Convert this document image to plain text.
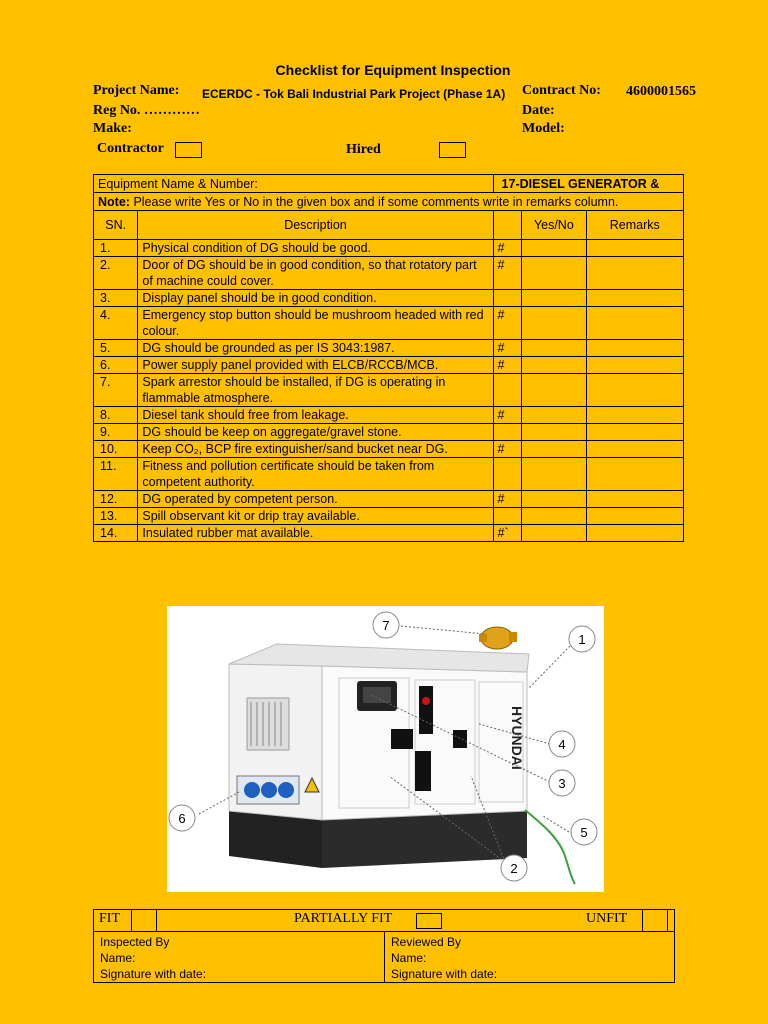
Checklist for Equipment Inspection
Project Name: ECERDC - Tok Bali Industrial Park Project (Phase 1A) Contract No: 4600001565
Reg No. …………	Date:
Make:	Model:
Contractor	Hired
Equipment Name & Number:		17-DIESEL GENERATOR &		
Note: Please write Yes or No in the given box and if some comments write in remarks column.				
SN.	Description		Yes/No	Remarks
1.	Physical condition of DG should be good.	#		
2.	Door of DG should be in good condition, so that rotatory part of machine could cover.	#		
3.	Display panel should be in good condition.			
4.	Emergency stop button should be mushroom headed with red colour.	#		
5.	DG should be grounded as per IS 3043:1987.	#		
6.	Power supply panel provided with ELCB/RCCB/MCB.	#		
7.	Spark arrestor should be installed, if DG is operating in flammable atmosphere.			
8.	Diesel tank should free from leakage.	#		
9.	DG should be keep on aggregate/gravel stone.			
10.	Keep CO₂, BCP fire extinguisher/sand bucket near DG.	#		
11.	Fitness and pollution certificate should be taken from competent authority.			
12.	DG operated by competent person.	#		
13.	Spill observant kit or drip tray available.			
14.	Insulated rubber mat available.	#`		
HYUNDAI
7
1
4
3
5
6
2
FIT	PARTIALLY FIT	UNFIT

Inspected By
Name:
Signature with date:

Reviewed By
Name:
Signature with date:
